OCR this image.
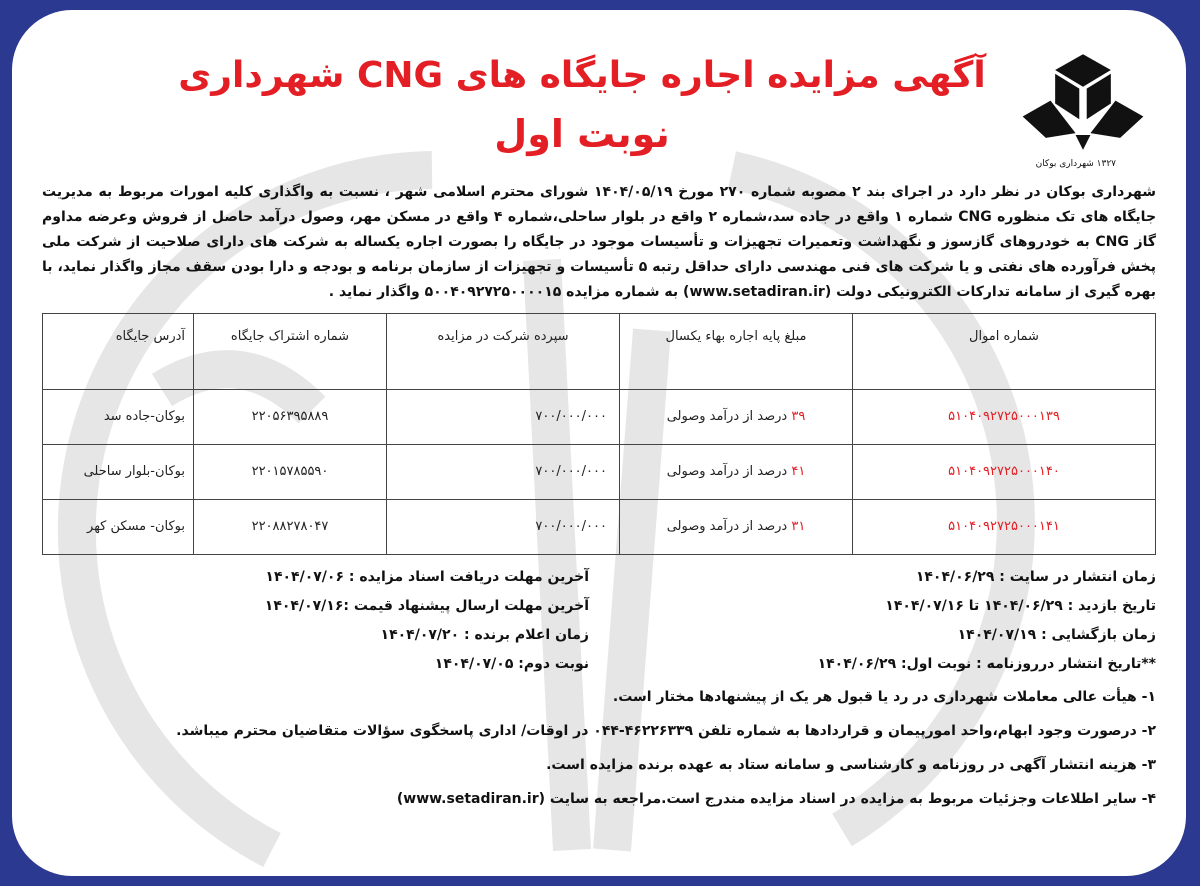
آگهی مزایده اجاره جایگاه های CNG شهرداری
نوبت اول
۱۳۲۷ شهرداری بوکان
شهرداری بوکان در نظر دارد در اجرای بند ۲ مصوبه شماره ۲۷۰ مورخ ۱۴۰۴/۰۵/۱۹ شورای محترم اسلامی شهر ، نسبت به واگذاری کلیه امورات مربوط به مدیریت جایگاه های تک منظوره CNG شماره ۱ واقع در جاده سد،شماره ۲ واقع در بلوار ساحلی،شماره ۴ واقع در مسکن مهر، وصول درآمد حاصل از فروش وعرضه مداوم گاز CNG به خودروهای گازسوز و نگهداشت وتعمیرات تجهیزات و تأسیسات موجود در جایگاه را بصورت اجاره یکساله به شرکت های دارای صلاحیت از شرکت ملی پخش فرآورده های نفتی و یا شرکت های فنی مهندسی دارای حداقل رتبه ۵ تأسیسات و تجهیزات از سازمان برنامه و بودجه و دارا بودن سقف مجاز واگذار نماید، با بهره گیری از سامانه تدارکات الکترونیکی دولت (www.setadiran.ir) به شماره مزایده ۵۰۰۴۰۹۲۷۲۵۰۰۰۰۱۵ واگذار نماید .
شماره اموال	مبلغ پایه اجاره بهاء یکسال	سپرده شرکت در مزایده	شماره اشتراک جایگاه	آدرس جایگاه
۵۱۰۴۰۹۲۷۲۵۰۰۰۱۳۹	۳۹ درصد از درآمد وصولی	۷۰۰/۰۰۰/۰۰۰	۲۲۰۵۶۳۹۵۸۸۹	بوکان-جاده سد
۵۱۰۴۰۹۲۷۲۵۰۰۰۱۴۰	۴۱ درصد از درآمد وصولی	۷۰۰/۰۰۰/۰۰۰	۲۲۰۱۵۷۸۵۵۹۰	بوکان-بلوار ساحلی
۵۱۰۴۰۹۲۷۲۵۰۰۰۱۴۱	۳۱ درصد از درآمد وصولی	۷۰۰/۰۰۰/۰۰۰	۲۲۰۸۸۲۷۸۰۴۷	بوکان- مسکن کهر
زمان انتشار در سایت : ۱۴۰۴/۰۶/۲۹
آخرین مهلت دریافت اسناد مزایده : ۱۴۰۴/۰۷/۰۶
تاریخ بازدید : ۱۴۰۴/۰۶/۲۹ تا ۱۴۰۴/۰۷/۱۶
آخرین مهلت ارسال پیشنهاد قیمت :۱۴۰۴/۰۷/۱۶
زمان بازگشایی : ۱۴۰۴/۰۷/۱۹
زمان اعلام برنده : ۱۴۰۴/۰۷/۲۰
**تاریخ انتشار درروزنامه : نوبت اول: ۱۴۰۴/۰۶/۲۹
نوبت دوم: ۱۴۰۴/۰۷/۰۵
۱- هیأت عالی معاملات شهرداری در رد یا قبول هر یک از پیشنهادها مختار است.
۲- درصورت وجود ابهام،واحد امورپیمان و قراردادها به شماره تلفن ۴۶۲۲۶۳۳۹-۰۴۴ در اوقات/ اداری پاسخگوی سؤالات متقاضیان محترم میباشد.
۳- هزینه انتشار آگهی در روزنامه و کارشناسی و سامانه ستاد به عهده برنده مزایده است.
۴- سایر اطلاعات وجزئیات مربوط به مزایده در اسناد مزایده مندرج است.مراجعه به سایت (www.setadiran.ir)
